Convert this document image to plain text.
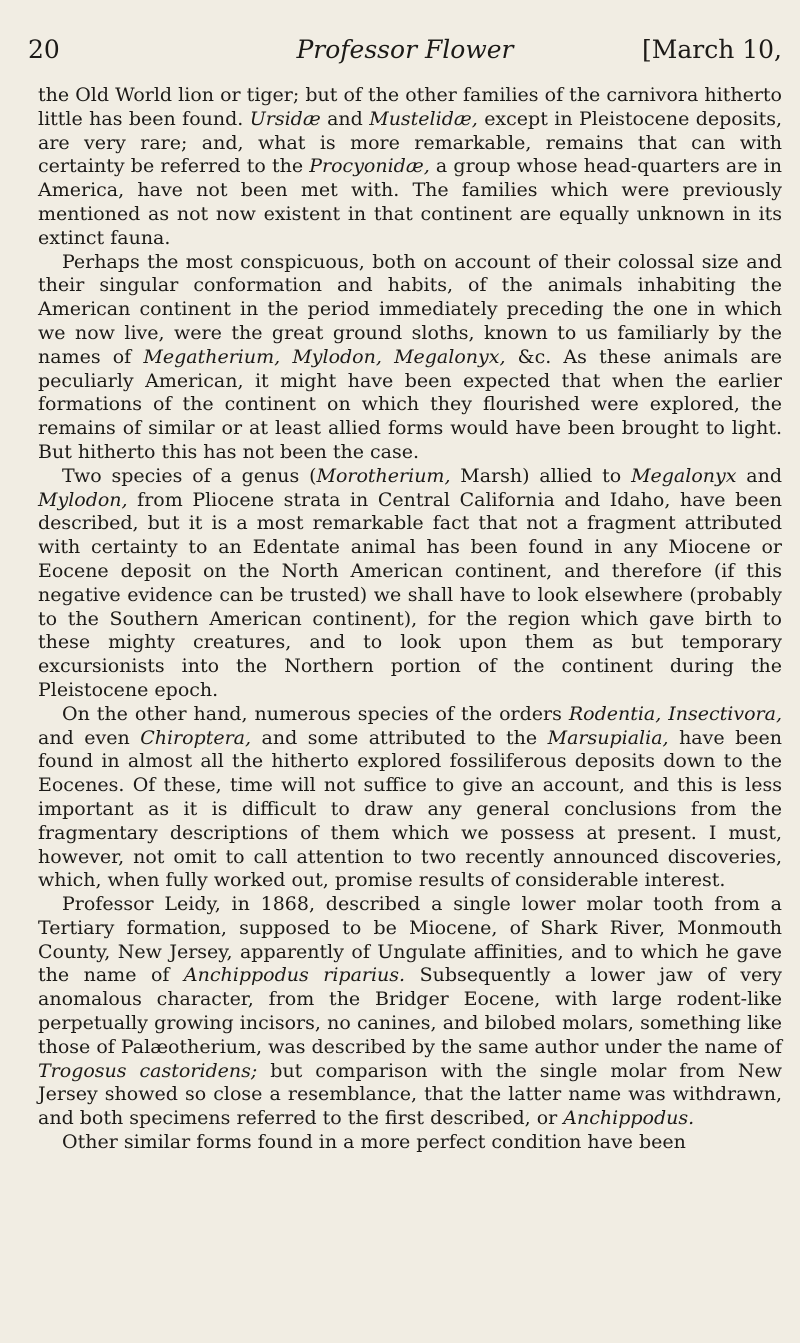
20	Professor Flower	[March 10,

the Old World lion or tiger; but of the other families of the carnivora hitherto little has been found. Ursidæ and Mustelidæ, except in Pleistocene deposits, are very rare; and, what is more remarkable, remains that can with certainty be referred to the Procyonidæ, a group whose head-quarters are in America, have not been met with. The families which were previously mentioned as not now existent in that continent are equally unknown in its extinct fauna.

Perhaps the most conspicuous, both on account of their colossal size and their singular conformation and habits, of the animals inhabiting the American continent in the period immediately preceding the one in which we now live, were the great ground sloths, known to us familiarly by the names of Megatherium, Mylodon, Megalonyx, &c. As these animals are peculiarly American, it might have been expected that when the earlier formations of the continent on which they flourished were explored, the remains of similar or at least allied forms would have been brought to light. But hitherto this has not been the case.

Two species of a genus (Morotherium, Marsh) allied to Megalonyx and Mylodon, from Pliocene strata in Central California and Idaho, have been described, but it is a most remarkable fact that not a fragment attributed with certainty to an Edentate animal has been found in any Miocene or Eocene deposit on the North American continent, and therefore (if this negative evidence can be trusted) we shall have to look elsewhere (probably to the Southern American continent), for the region which gave birth to these mighty creatures, and to look upon them as but temporary excursionists into the Northern portion of the continent during the Pleistocene epoch.

On the other hand, numerous species of the orders Rodentia, Insectivora, and even Chiroptera, and some attributed to the Marsupialia, have been found in almost all the hitherto explored fossiliferous deposits down to the Eocenes. Of these, time will not suffice to give an account, and this is less important as it is difficult to draw any general conclusions from the fragmentary descriptions of them which we possess at present. I must, however, not omit to call attention to two recently announced discoveries, which, when fully worked out, promise results of considerable interest.

Professor Leidy, in 1868, described a single lower molar tooth from a Tertiary formation, supposed to be Miocene, of Shark River, Monmouth County, New Jersey, apparently of Ungulate affinities, and to which he gave the name of Anchippodus riparius. Subsequently a lower jaw of very anomalous character, from the Bridger Eocene, with large rodent-like perpetually growing incisors, no canines, and bilobed molars, something like those of Palæotherium, was described by the same author under the name of Trogosus castoridens; but comparison with the single molar from New Jersey showed so close a resemblance, that the latter name was withdrawn, and both specimens referred to the first described, or Anchippodus.

Other similar forms found in a more perfect condition have been
